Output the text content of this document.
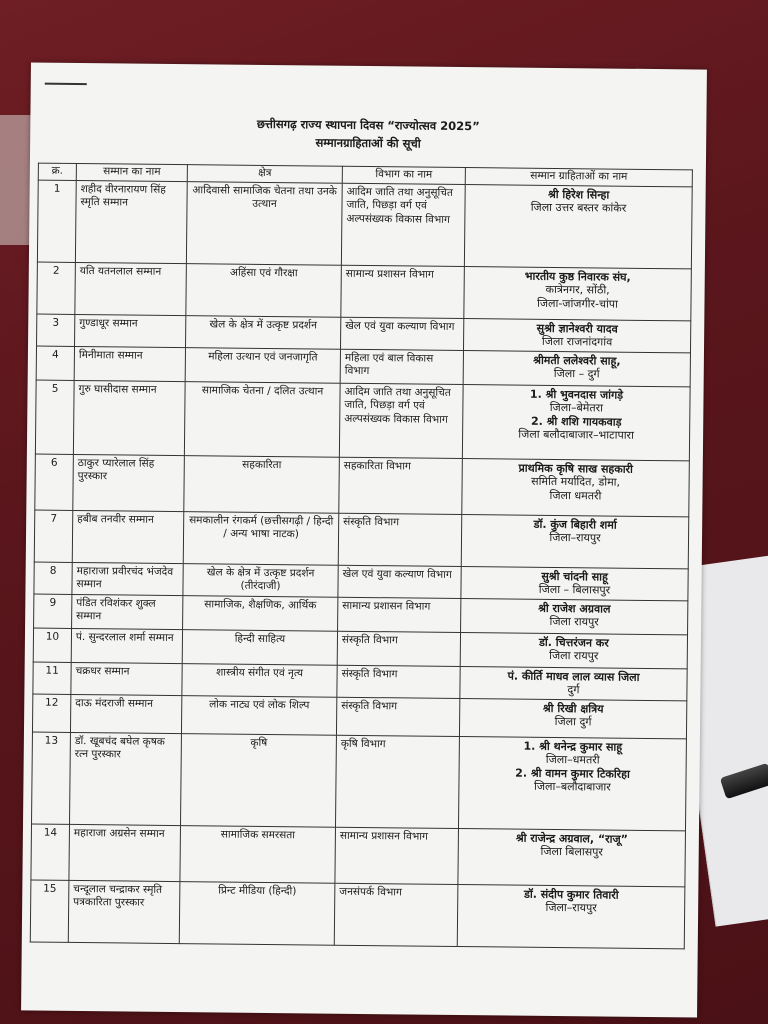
छत्तीसगढ़ राज्य स्थापना दिवस “राज्योत्सव 2025”
सम्मानग्राहिताओं की सूची
क्र.	सम्मान का नाम	क्षेत्र	विभाग का नाम	सम्मान ग्राहिताओं का नाम
1	शहीद वीरनारायण सिंह स्मृति सम्मान	आदिवासी सामाजिक चेतना तथा उनके उत्थान	आदिम जाति तथा अनुसूचित जाति, पिछड़ा वर्ग एवं अल्पसंख्यक विकास विभाग	श्री हिरेश सिन्हा
जिला उत्तर बस्तर कांकेर

2	यति यतनलाल सम्मान	अहिंसा एवं गौरक्षा	सामान्य प्रशासन विभाग	भारतीय कुष्ठ निवारक संघ,
कात्रेनगर, सोंठी,
जिला-जांजगीर-चांपा

3	गुण्डाधूर सम्मान	खेल के क्षेत्र में उत्कृष्ट प्रदर्शन	खेल एवं युवा कल्याण विभाग	सुश्री ज्ञानेश्वरी यादव
जिला राजनांदगांव

4	मिनीमाता सम्मान	महिला उत्थान एवं जनजागृति	महिला एवं बाल विकास विभाग	श्रीमती ललेश्वरी साहू,
जिला – दुर्ग

5	गुरु घासीदास सम्मान	सामाजिक चेतना / दलित उत्थान	आदिम जाति तथा अनुसूचित जाति, पिछड़ा वर्ग एवं अल्पसंख्यक विकास विभाग	1. श्री भुवनदास जांगड़े
जिला–बेमेतरा
2. श्री शशि गायकवाड़
जिला बलौदाबाजार–भाटापारा

6	ठाकुर प्यारेलाल सिंह पुरस्कार	सहकारिता	सहकारिता विभाग	प्राथमिक कृषि साख सहकारी
समिति मर्यादित, डोमा,
जिला धमतरी

7	हबीब तनवीर सम्मान	समकालीन रंगकर्म (छत्तीसगढ़ी / हिन्दी / अन्य भाषा नाटक)	संस्कृति विभाग	डॉ. कुंज बिहारी शर्मा
जिला–रायपुर

8	महाराजा प्रवीरचंद भंजदेव सम्मान	खेल के क्षेत्र में उत्कृष्ट प्रदर्शन (तीरंदाजी)	खेल एवं युवा कल्याण विभाग	सुश्री चांदनी साहू
जिला – बिलासपुर

9	पंडित रविशंकर शुक्ल सम्मान	सामाजिक, शैक्षणिक, आर्थिक	सामान्य प्रशासन विभाग	श्री राजेश अग्रवाल
जिला रायपुर

10	पं. सुन्दरलाल शर्मा सम्मान	हिन्दी साहित्य	संस्कृति विभाग	डॉ. चित्तरंजन कर
जिला रायपुर

11	चक्रधर सम्मान	शास्त्रीय संगीत एवं नृत्य	संस्कृति विभाग	पं. कीर्ति माधव लाल व्यास जिला
दुर्ग

12	दाऊ मंदराजी सम्मान	लोक नाट्य एवं लोक शिल्प	संस्कृति विभाग	श्री रिखी क्षत्रिय
जिला दुर्ग

13	डॉ. खूबचंद बघेल कृषक रत्न पुरस्कार	कृषि	कृषि विभाग	1. श्री थनेन्द्र कुमार साहू
जिला–धमतरी
2. श्री वामन कुमार टिकरिहा
जिला–बलौदाबाजार

14	महाराजा अग्रसेन सम्मान	सामाजिक समरसता	सामान्य प्रशासन विभाग	श्री राजेन्द्र अग्रवाल, “राजू”
जिला बिलासपुर

15	चन्दूलाल चन्द्राकर स्मृति पत्रकारिता पुरस्कार	प्रिन्ट मीडिया (हिन्दी)	जनसंपर्क विभाग	डॉ. संदीप कुमार तिवारी
जिला–रायपुर
